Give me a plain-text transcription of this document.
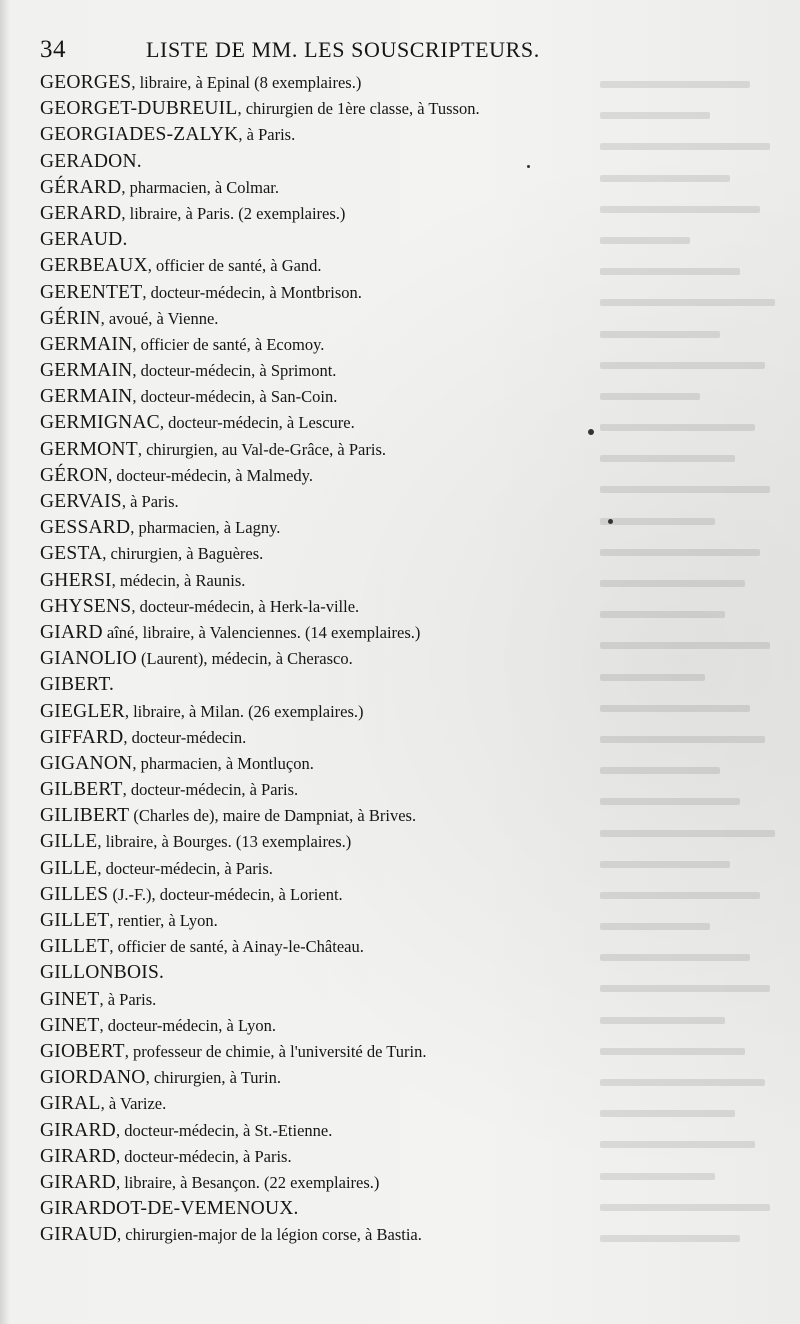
34	LISTE DE MM. LES SOUSCRIPTEURS.
GEORGES, libraire, à Epinal (8 exemplaires.)
GEORGET-DUBREUIL, chirurgien de 1ère classe, à Tusson.
GEORGIADES-ZALYK, à Paris.
GERADON.
GÉRARD, pharmacien, à Colmar.
GERARD, libraire, à Paris. (2 exemplaires.)
GERAUD.
GERBEAUX, officier de santé, à Gand.
GERENTET, docteur-médecin, à Montbrison.
GÉRIN, avoué, à Vienne.
GERMAIN, officier de santé, à Ecomoy.
GERMAIN, docteur-médecin, à Sprimont.
GERMAIN, docteur-médecin, à San-Coin.
GERMIGNAC, docteur-médecin, à Lescure.
GERMONT, chirurgien, au Val-de-Grâce, à Paris.
GÉRON, docteur-médecin, à Malmedy.
GERVAIS, à Paris.
GESSARD, pharmacien, à Lagny.
GESTA, chirurgien, à Baguères.
GHERSI, médecin, à Raunis.
GHYSENS, docteur-médecin, à Herk-la-ville.
GIARD aîné, libraire, à Valenciennes. (14 exemplaires.)
GIANOLIO (Laurent), médecin, à Cherasco.
GIBERT.
GIEGLER, libraire, à Milan. (26 exemplaires.)
GIFFARD, docteur-médecin.
GIGANON, pharmacien, à Montluçon.
GILBERT, docteur-médecin, à Paris.
GILIBERT (Charles de), maire de Dampniat, à Brives.
GILLE, libraire, à Bourges. (13 exemplaires.)
GILLE, docteur-médecin, à Paris.
GILLES (J.-F.), docteur-médecin, à Lorient.
GILLET, rentier, à Lyon.
GILLET, officier de santé, à Ainay-le-Château.
GILLONBOIS.
GINET, à Paris.
GINET, docteur-médecin, à Lyon.
GIOBERT, professeur de chimie, à l'université de Turin.
GIORDANO, chirurgien, à Turin.
GIRAL, à Varize.
GIRARD, docteur-médecin, à St.-Etienne.
GIRARD, docteur-médecin, à Paris.
GIRARD, libraire, à Besançon. (22 exemplaires.)
GIRARDOT-DE-VEMENOUX.
GIRAUD, chirurgien-major de la légion corse, à Bastia.
